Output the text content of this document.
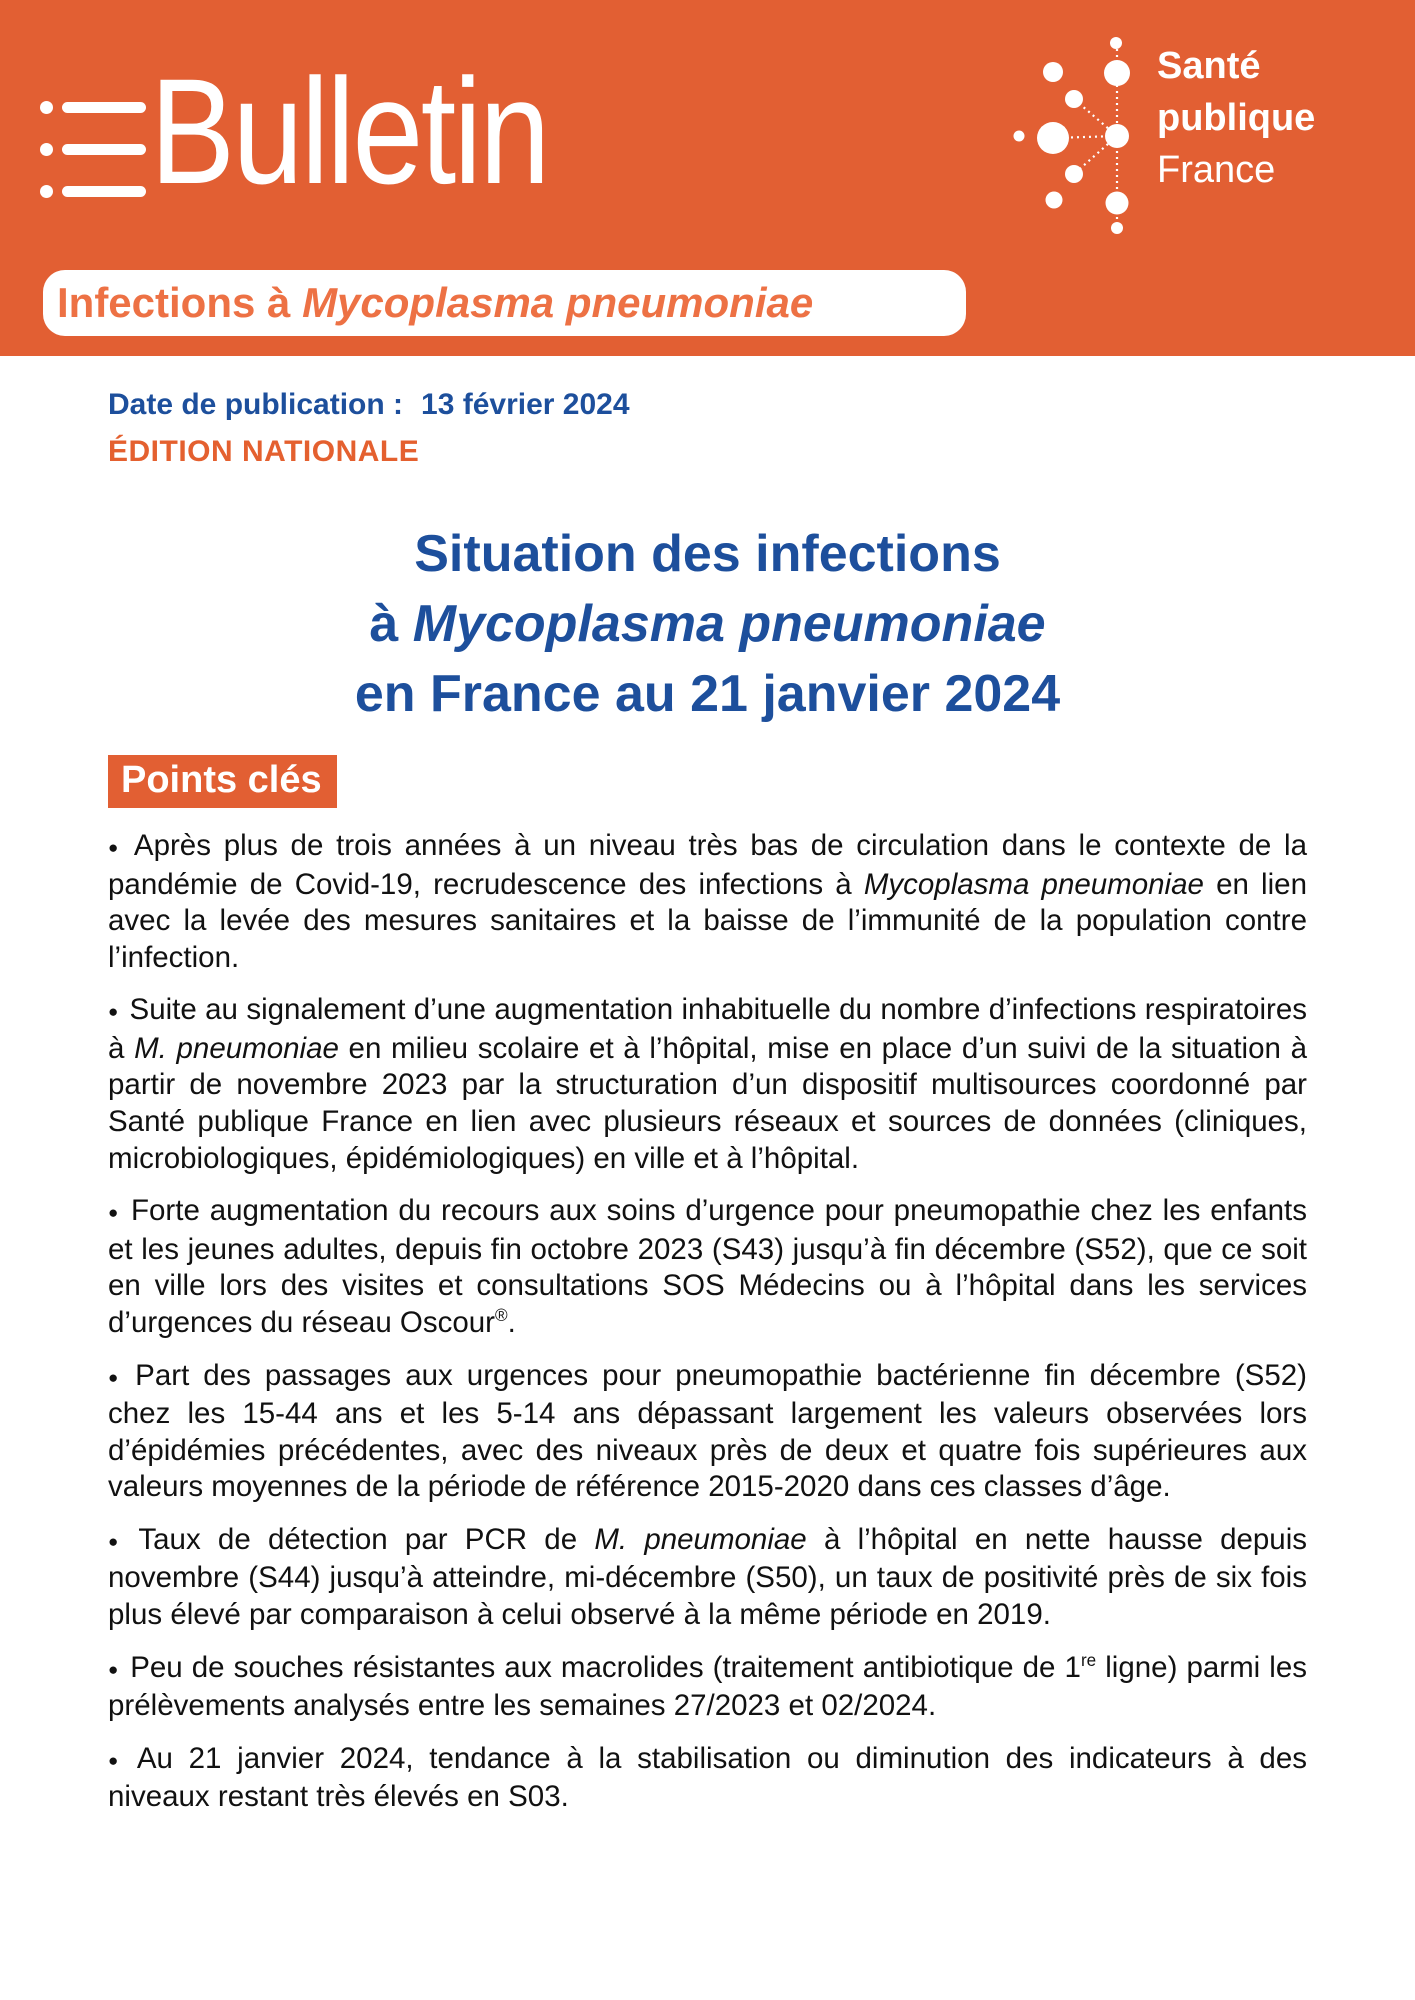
Bulletin	Santé
publique
France
Infections à Mycoplasma pneumoniae
Date de publication : 13 février 2024
ÉDITION NATIONALE
Situation des infections
à Mycoplasma pneumoniae
en France au 21 janvier 2024
Points clés

● Après plus de trois années à un niveau très bas de circulation dans le contexte de la pandémie de Covid-19, recrudescence des infections à Mycoplasma pneumoniae en lien avec la levée des mesures sanitaires et la baisse de l’immunité de la population contre l’infection.

● Suite au signalement d’une augmentation inhabituelle du nombre d’infections respiratoires à M. pneumoniae en milieu scolaire et à l’hôpital, mise en place d’un suivi de la situation à partir de novembre 2023 par la structuration d’un dispositif multisources coordonné par Santé publique France en lien avec plusieurs réseaux et sources de données (cliniques, microbiologiques, épidémiologiques) en ville et à l’hôpital.

● Forte augmentation du recours aux soins d’urgence pour pneumopathie chez les enfants et les jeunes adultes, depuis fin octobre 2023 (S43) jusqu’à fin décembre (S52), que ce soit en ville lors des visites et consultations SOS Médecins ou à l’hôpital dans les services d’urgences du réseau Oscour®.

● Part des passages aux urgences pour pneumopathie bactérienne fin décembre (S52) chez les 15-44 ans et les 5-14 ans dépassant largement les valeurs observées lors d’épidémies précédentes, avec des niveaux près de deux et quatre fois supérieures aux valeurs moyennes de la période de référence 2015-2020 dans ces classes d’âge.

● Taux de détection par PCR de M. pneumoniae à l’hôpital en nette hausse depuis novembre (S44) jusqu’à atteindre, mi-décembre (S50), un taux de positivité près de six fois plus élevé par comparaison à celui observé à la même période en 2019.

● Peu de souches résistantes aux macrolides (traitement antibiotique de 1re ligne) parmi les prélèvements analysés entre les semaines 27/2023 et 02/2024.

● Au 21 janvier 2024, tendance à la stabilisation ou diminution des indicateurs à des niveaux restant très élevés en S03.
